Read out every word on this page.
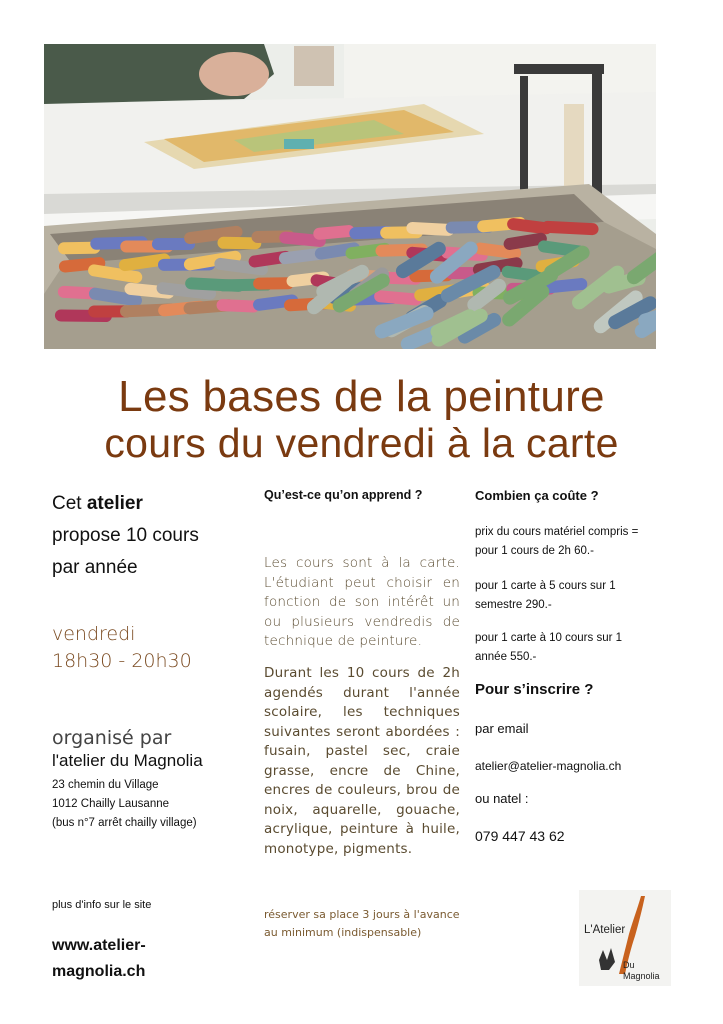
Les bases de la peinture
cours du vendredi à la carte
Cet atelier
propose 10 cours
par année
vendredi
18h30 - 20h30
organisé par
l'atelier du Magnolia
23 chemin du Village
1012 Chailly Lausanne
(bus n°7 arrêt chailly village)
plus d'info sur le site
www.atelier-
magnolia.ch
Qu’est-ce qu’on apprend ?
Les cours sont à la carte. L'étudiant peut choisir en fonction de son intérêt un ou plusieurs vendredis de technique de peinture.
Durant les 10 cours de 2h agendés durant l'année scolaire, les techniques suivantes seront abordées : fusain, pastel sec, craie grasse, encre de Chine, encres de couleurs, brou de noix, aquarelle, gouache, acrylique, peinture à huile, monotype, pigments.
réserver sa place 3 jours à l'avance
au minimum (indispensable)
Combien ça coûte ?
prix du cours matériel compris =
pour 1 cours de 2h 60.-
pour 1 carte à 5 cours sur 1
semestre 290.-
pour 1 carte à 10 cours sur 1
année 550.-
Pour s’inscrire ?
par email
atelier@atelier-magnolia.ch
ou natel :
079 447 43 62
L'Atelier
Du
Magnolia
